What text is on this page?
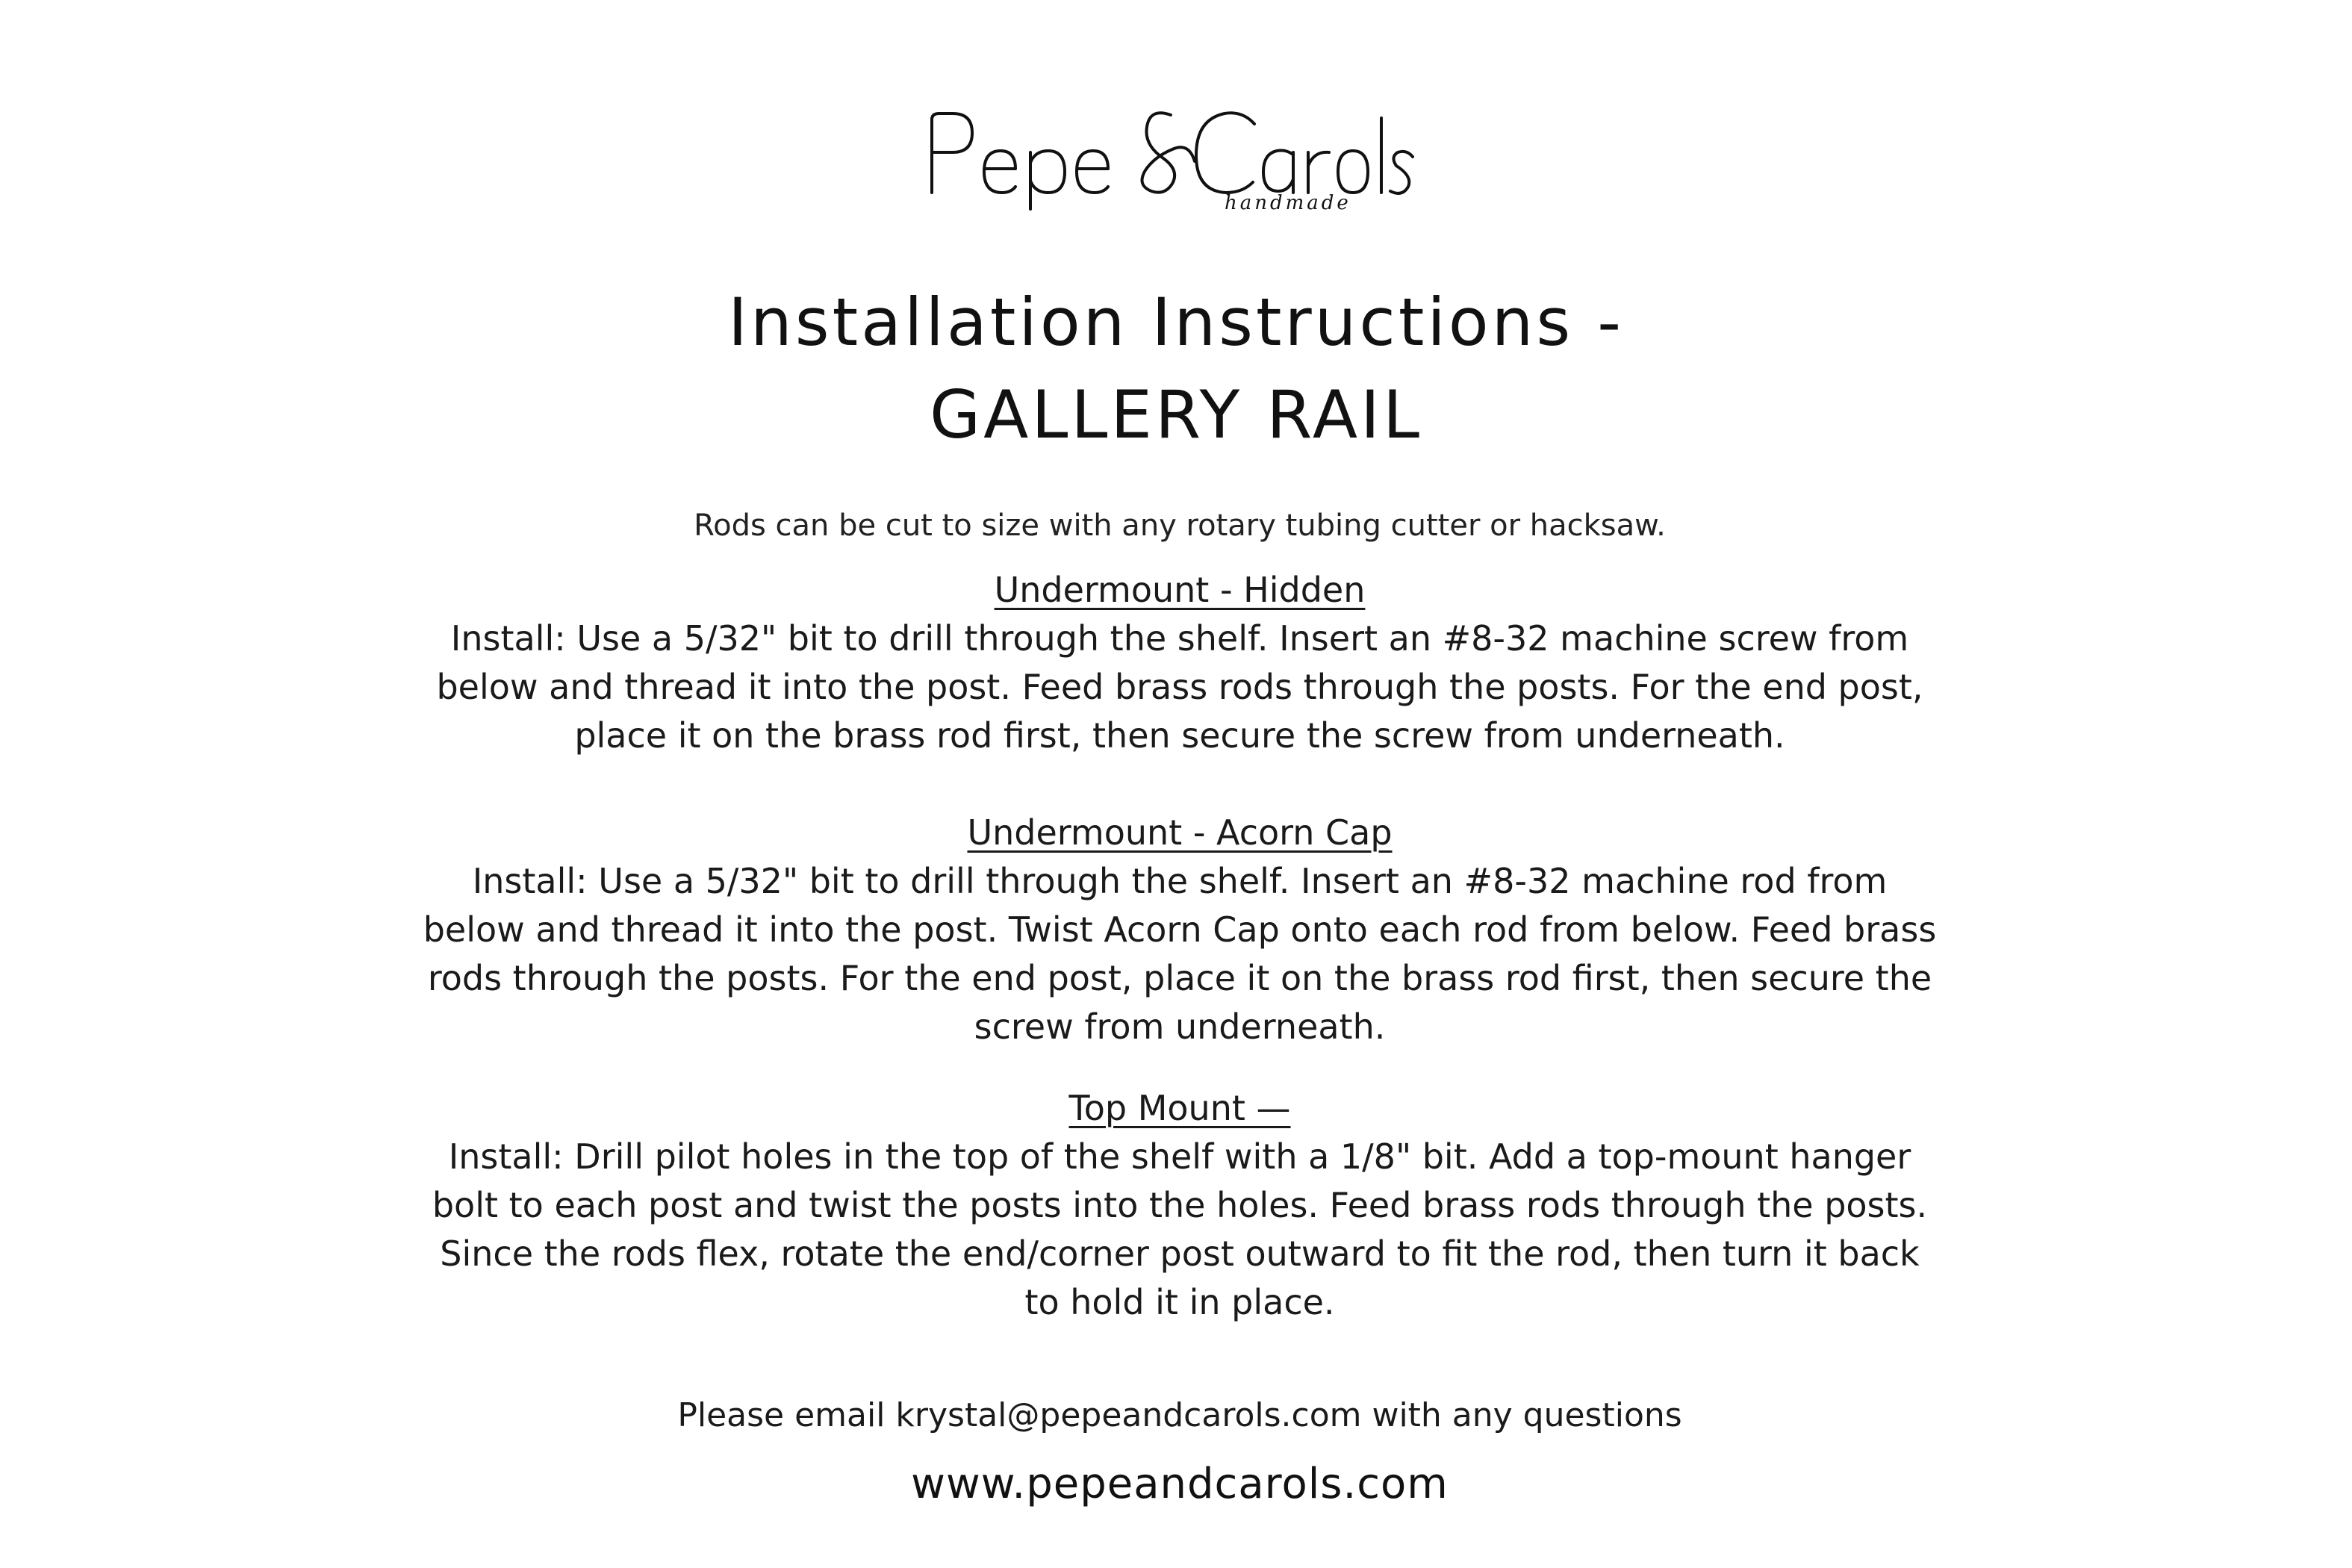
handmade
Installation Instructions -
GALLERY RAIL
Rods can be cut to size with any rotary tubing cutter or hacksaw.
Undermount - Hidden
Install: Use a 5/32" bit to drill through the shelf. Insert an #8-32 machine screw from below and thread it into the post. Feed brass rods through the posts. For the end post, place it on the brass rod first, then secure the screw from underneath.
Undermount - Acorn Cap
Install: Use a 5/32" bit to drill through the shelf. Insert an #8-32 machine rod from below and thread it into the post. Twist Acorn Cap onto each rod from below. Feed brass rods through the posts. For the end post, place it on the brass rod first, then secure the screw from underneath.
Top Mount —
Install: Drill pilot holes in the top of the shelf with a 1/8" bit. Add a top-mount hanger bolt to each post and twist the posts into the holes. Feed brass rods through the posts. Since the rods flex, rotate the end/corner post outward to fit the rod, then turn it back to hold it in place.
Please email krystal@pepeandcarols.com with any questions
www.pepeandcarols.com
